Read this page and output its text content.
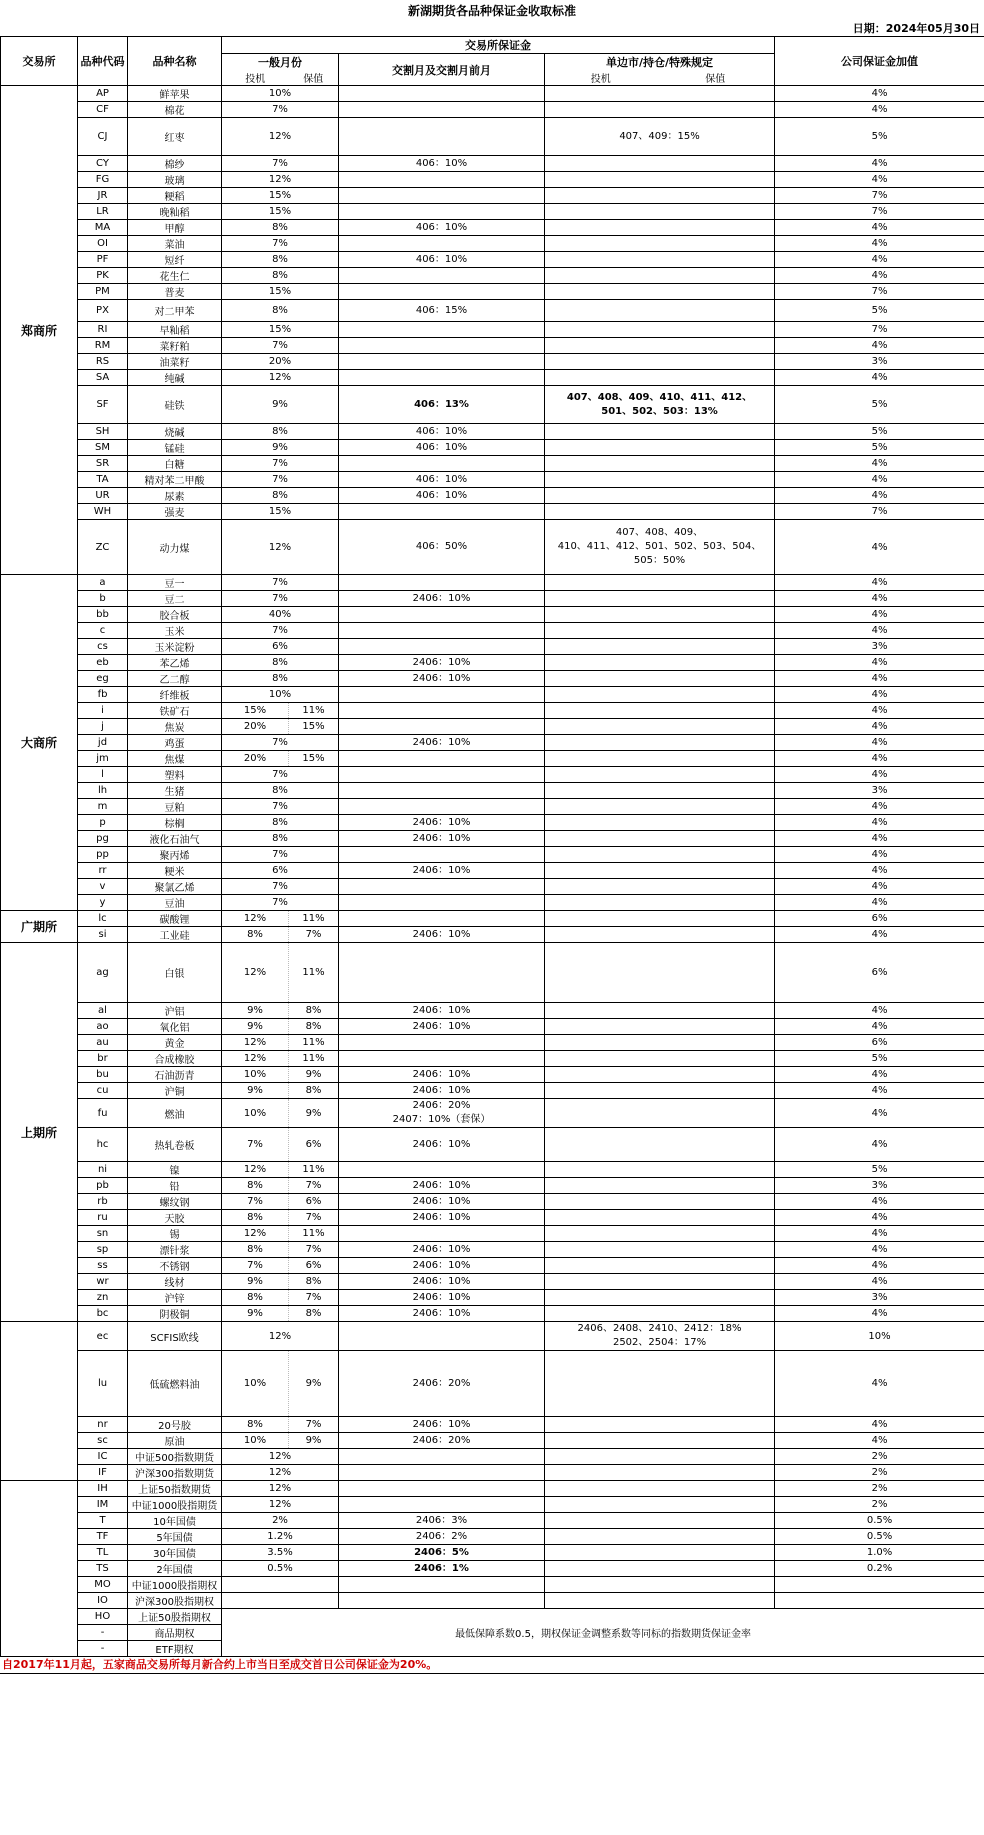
新湖期货各品种保证金收取标准
日期：2024年05月30日
交易所	品种代码	品种名称	交易所保证金					公司保证金加值
			一般月份		交割月及交割月前月	单边市/持仓/特殊规定		
			投机	保值		投机	保值	
郑商所	AP	鲜苹果	10%					4%
	CF	棉花	7%					4%
	CJ	红枣	12%			407、409：15%		5%
	CY	棉纱	7%		406：10%			4%
	FG	玻璃	12%					4%
	JR	粳稻	15%					7%
	LR	晚籼稻	15%					7%
	MA	甲醇	8%		406：10%			4%
	OI	菜油	7%					4%
	PF	短纤	8%		406：10%			4%
	PK	花生仁	8%					4%
	PM	普麦	15%					7%
	PX	对二甲苯	8%		406：15%			5%
	RI	早籼稻	15%					7%
	RM	菜籽粕	7%					4%
	RS	油菜籽	20%					3%
	SA	纯碱	12%					4%
	SF	硅铁	9%		406：13%	407、408、409、410、411、412、
501、502、503：13%		5%
	SH	烧碱	8%		406：10%			5%
	SM	锰硅	9%		406：10%			5%
	SR	白糖	7%					4%
	TA	精对苯二甲酸	7%		406：10%			4%
	UR	尿素	8%		406：10%			4%
	WH	强麦	15%					7%
	ZC	动力煤	12%		406：50%	407、408、409、
410、411、412、501、502、503、504、
505：50%		4%
大商所	a	豆一	7%					4%
	b	豆二	7%		2406：10%			4%
	bb	胶合板	40%					4%
	c	玉米	7%					4%
	cs	玉米淀粉	6%					3%
	eb	苯乙烯	8%		2406：10%			4%
	eg	乙二醇	8%		2406：10%			4%
	fb	纤维板	10%					4%
	i	铁矿石	15%	11%				4%
	j	焦炭	20%	15%				4%
	jd	鸡蛋	7%		2406：10%			4%
	jm	焦煤	20%	15%				4%
	l	塑料	7%					4%
	lh	生猪	8%					3%
	m	豆粕	7%					4%
	p	棕榈	8%		2406：10%			4%
	pg	液化石油气	8%		2406：10%			4%
	pp	聚丙烯	7%					4%
	rr	粳米	6%		2406：10%			4%
	v	聚氯乙烯	7%					4%
	y	豆油	7%					4%
广期所	lc	碳酸锂	12%	11%				6%
	si	工业硅	8%	7%	2406：10%			4%
上期所	ag	白银	12%	11%				6%
	al	沪铝	9%	8%	2406：10%			4%
	ao	氧化铝	9%	8%	2406：10%			4%
	au	黄金	12%	11%				6%
	br	合成橡胶	12%	11%				5%
	bu	石油沥青	10%	9%	2406：10%			4%
	cu	沪铜	9%	8%	2406：10%			4%
	fu	燃油	10%	9%	2406：20%
2407：10%（套保）			4%
	hc	热轧卷板	7%	6%	2406：10%			4%
	ni	镍	12%	11%				5%
	pb	铅	8%	7%	2406：10%			3%
	rb	螺纹钢	7%	6%	2406：10%			4%
	ru	天胶	8%	7%	2406：10%			4%
	sn	锡	12%	11%				4%
	sp	漂针浆	8%	7%	2406：10%			4%
	ss	不锈钢	7%	6%	2406：10%			4%
	wr	线材	9%	8%	2406：10%			4%
	zn	沪锌	8%	7%	2406：10%			3%
	bc	阴极铜	9%	8%	2406：10%			4%
	ec	SCFIS欧线	12%			2406、2408、2410、2412：18%
2502、2504：17%		10%
	lu	低硫燃料油	10%	9%	2406：20%			4%
	nr	20号胶	8%	7%	2406：10%			4%
	sc	原油	10%	9%	2406：20%			4%
	IC	中证500指数期货	12%					2%
	IF	沪深300指数期货	12%					2%
	IH	上证50指数期货	12%					2%
	IM	中证1000股指期货	12%					2%
	T	10年国债	2%		2406：3%			0.5%
	TF	5年国债	1.2%		2406：2%			0.5%
	TL	30年国债	3.5%		2406：5%			1.0%
	TS	2年国债	0.5%		2406：1%			0.2%
	MO	中证1000股指期权						
	IO	沪深300股指期权						
	HO	上证50股指期权	最低保障系数0.5，期权保证金调整系数等同标的指数期货保证金率					
	-	商品期权						
	-	ETF期权						
自2017年11月起，五家商品交易所每月新合约上市当日至成交首日公司保证金为20%。
